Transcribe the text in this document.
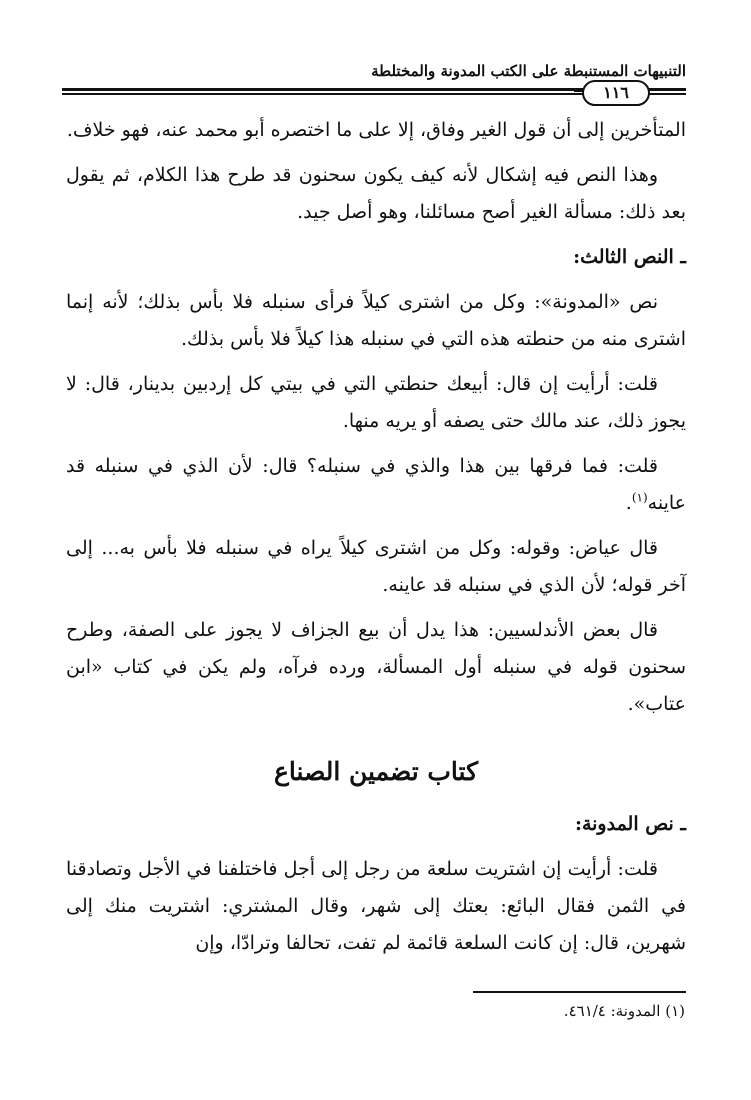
التنبيهات المستنبطة على الكتب المدونة والمختلطة
١١٦

المتأخرين إلى أن قول الغير وفاق، إلا على ما اختصره أبو محمد عنه، فهو خلاف.

وهذا النص فيه إشكال لأنه كيف يكون سحنون قد طرح هذا الكلام، ثم يقول بعد ذلك: مسألة الغير أصح مسائلنا، وهو أصل جيد.

ـ النص الثالث:

نص «المدونة»: وكل من اشترى كيلاً فرأى سنبله فلا بأس بذلك؛ لأنه إنما اشترى منه من حنطته هذه التي في سنبله هذا كيلاً فلا بأس بذلك.

قلت: أرأيت إن قال: أبيعك حنطتي التي في بيتي كل إردبين بدينار، قال: لا يجوز ذلك، عند مالك حتى يصفه أو يريه منها.

قلت: فما فرقها بين هذا والذي في سنبله؟ قال: لأن الذي في سنبله قد عاينه$^{(١)}$.

قال عياض: وقوله: وكل من اشترى كيلاً يراه في سنبله فلا بأس به... إلى آخر قوله؛ لأن الذي في سنبله قد عاينه.

قال بعض الأندلسيين: هذا يدل أن بيع الجزاف لا يجوز على الصفة، وطرح سحنون قوله في سنبله أول المسألة، ورده فرآه، ولم يكن في كتاب «ابن عتاب».

كتاب تضمين الصناع

ـ نص المدونة:

قلت: أرأيت إن اشتريت سلعة من رجل إلى أجل فاختلفنا في الأجل وتصادقنا في الثمن فقال البائع: بعتك إلى شهر، وقال المشتري: اشتريت منك إلى شهرين، قال: إن كانت السلعة قائمة لم تفت، تحالفا وترادّا، وإن

(١) المدونة: ٤٦١/٤.
